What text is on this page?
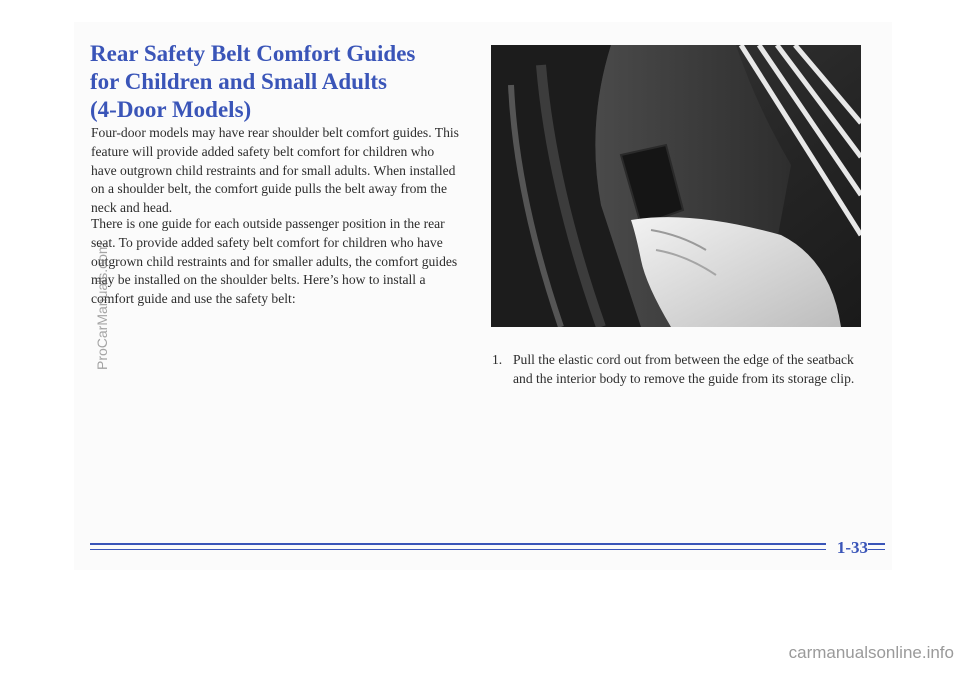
Rear Safety Belt Comfort Guides
for Children and Small Adults
(4-Door Models)

Four-door models may have rear shoulder belt comfort guides. This feature will provide added safety belt comfort for children who have outgrown child restraints and for small adults. When installed on a shoulder belt, the comfort guide pulls the belt away from the neck and head.

There is one guide for each outside passenger position in the rear seat. To provide added safety belt comfort for children who have outgrown child restraints and for smaller adults, the comfort guides may be installed on the shoulder belts. Here’s how to install a comfort guide and use the safety belt:

1. Pull the elastic cord out from between the edge of the seatback and the interior body to remove the guide from its storage clip.
1-33
ProCarManuals.com
carmanualsonline.info
